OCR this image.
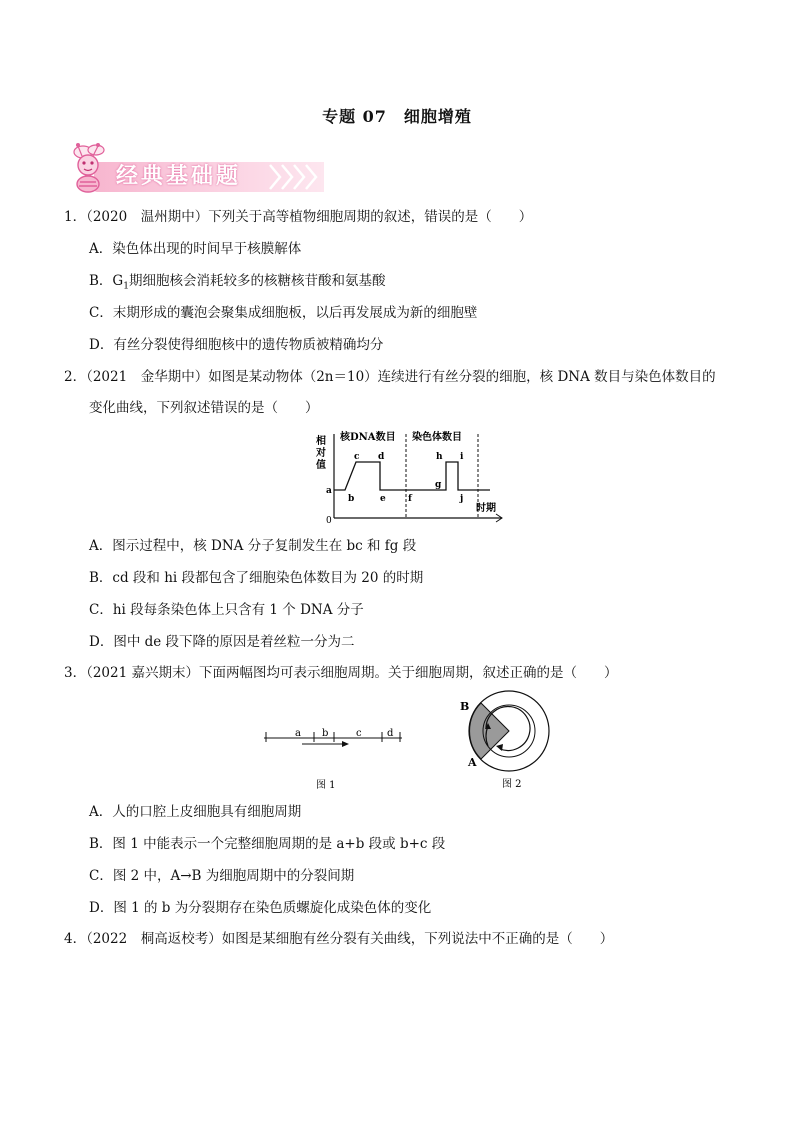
专题 07　细胞增殖
经典基础题
1．（2020　温州期中）下列关于高等植物细胞周期的叙述，错误的是（　　）
A．染色体出现的时间早于核膜解体
B．$G_1$期细胞核会消耗较多的核糖核苷酸和氨基酸
C．末期形成的囊泡会聚集成细胞板，以后再发展成为新的细胞壁
D．有丝分裂使得细胞核中的遗传物质被精确均分
2．（2021　金华期中）如图是某动物体（2n＝10）连续进行有丝分裂的细胞，核 DNA 数目与染色体数目的
变化曲线，下列叙述错误的是（　　）
相
对
值
0
时期
核DNA数目 染色体数目
a
b
c d
e f
g
h i
j
A．图示过程中，核 DNA 分子复制发生在 bc 和 fg 段
B．cd 段和 hi 段都包含了细胞染色体数目为 20 的时期
C．hi 段每条染色体上只含有 1 个 DNA 分子
D．图中 de 段下降的原因是着丝粒一分为二
3．（2021 嘉兴期末）下面两幅图均可表示细胞周期。关于细胞周期，叙述正确的是（　　）
a b	c	d
图 1
B
A
图 2
A．人的口腔上皮细胞具有细胞周期
B．图 1 中能表示一个完整细胞周期的是 a+b 段或 b+c 段
C．图 2 中，A→B 为细胞周期中的分裂间期
D．图 1 的 b 为分裂期存在染色质螺旋化成染色体的变化
4．（2022　桐高返校考）如图是某细胞有丝分裂有关曲线，下列说法中不正确的是（　　）
